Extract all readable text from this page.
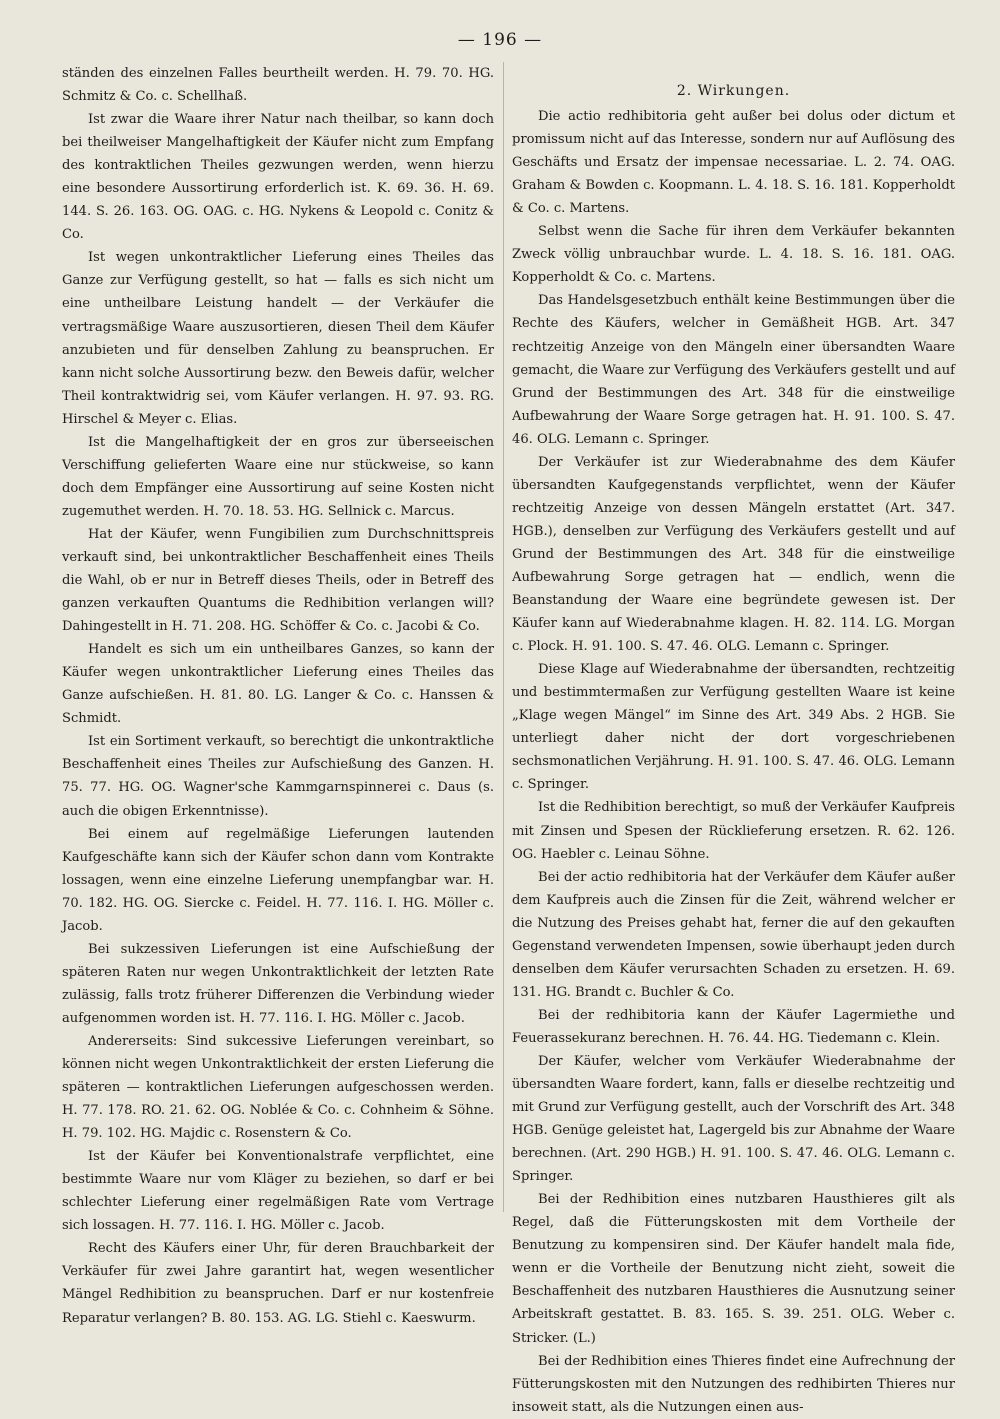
— 196 —

ständen des einzelnen Falles beurtheilt werden. H. 79. 70. HG. Schmitz & Co. c. Schellhaß.

Ist zwar die Waare ihrer Natur nach theilbar, so kann doch bei theilweiser Mangelhaftigkeit der Käufer nicht zum Empfang des kontraktlichen Theiles gezwungen werden, wenn hierzu eine besondere Aussortirung erforderlich ist. K. 69. 36. H. 69. 144. S. 26. 163. OG. OAG. c. HG. Nykens & Leopold c. Conitz & Co.

Ist wegen unkontraktlicher Lieferung eines Theiles das Ganze zur Verfügung gestellt, so hat — falls es sich nicht um eine untheilbare Leistung handelt — der Verkäufer die vertragsmäßige Waare auszusortieren, diesen Theil dem Käufer anzubieten und für denselben Zahlung zu beanspruchen. Er kann nicht solche Aussortirung bezw. den Beweis dafür, welcher Theil kontraktwidrig sei, vom Käufer verlangen. H. 97. 93. RG. Hirschel & Meyer c. Elias.

Ist die Mangelhaftigkeit der en gros zur überseeischen Verschiffung gelieferten Waare eine nur stückweise, so kann doch dem Empfänger eine Aussortirung auf seine Kosten nicht zugemuthet werden. H. 70. 18. 53. HG. Sellnick c. Marcus.

Hat der Käufer, wenn Fungibilien zum Durchschnittspreis verkauft sind, bei unkontraktlicher Beschaffenheit eines Theils die Wahl, ob er nur in Betreff dieses Theils, oder in Betreff des ganzen verkauften Quantums die Redhibition verlangen will? Dahingestellt in H. 71. 208. HG. Schöffer & Co. c. Jacobi & Co.

Handelt es sich um ein untheilbares Ganzes, so kann der Käufer wegen unkontraktlicher Lieferung eines Theiles das Ganze aufschießen. H. 81. 80. LG. Langer & Co. c. Hanssen & Schmidt.

Ist ein Sortiment verkauft, so berechtigt die unkontraktliche Beschaffenheit eines Theiles zur Aufschießung des Ganzen. H. 75. 77. HG. OG. Wagner'sche Kammgarnspinnerei c. Daus (s. auch die obigen Erkenntnisse).

Bei einem auf regelmäßige Lieferungen lautenden Kaufgeschäfte kann sich der Käufer schon dann vom Kontrakte lossagen, wenn eine einzelne Lieferung unempfangbar war. H. 70. 182. HG. OG. Siercke c. Feidel. H. 77. 116. I. HG. Möller c. Jacob.

Bei sukzessiven Lieferungen ist eine Aufschießung der späteren Raten nur wegen Unkontraktlichkeit der letzten Rate zulässig, falls trotz früherer Differenzen die Verbindung wieder aufgenommen worden ist. H. 77. 116. I. HG. Möller c. Jacob.

Andererseits: Sind sukcessive Lieferungen vereinbart, so können nicht wegen Unkontraktlichkeit der ersten Lieferung die späteren — kontraktlichen Lieferungen aufgeschossen werden. H. 77. 178. RO. 21. 62. OG. Noblée & Co. c. Cohnheim & Söhne. H. 79. 102. HG. Majdic c. Rosenstern & Co.

Ist der Käufer bei Konventionalstrafe verpflichtet, eine bestimmte Waare nur vom Kläger zu beziehen, so darf er bei schlechter Lieferung einer regelmäßigen Rate vom Vertrage sich lossagen. H. 77. 116. I. HG. Möller c. Jacob.

Recht des Käufers einer Uhr, für deren Brauchbarkeit der Verkäufer für zwei Jahre garantirt hat, wegen wesentlicher Mängel Redhibition zu beanspruchen. Darf er nur kostenfreie Reparatur verlangen? B. 80. 153. AG. LG. Stiehl c. Kaeswurm.

2. Wirkungen.

Die actio redhibitoria geht außer bei dolus oder dictum et promissum nicht auf das Interesse, sondern nur auf Auflösung des Geschäfts und Ersatz der impensae necessariae. L. 2. 74. OAG. Graham & Bowden c. Koopmann. L. 4. 18. S. 16. 181. Kopperholdt & Co. c. Martens.

Selbst wenn die Sache für ihren dem Verkäufer bekannten Zweck völlig unbrauchbar wurde. L. 4. 18. S. 16. 181. OAG. Kopperholdt & Co. c. Martens.

Das Handelsgesetzbuch enthält keine Bestimmungen über die Rechte des Käufers, welcher in Gemäßheit HGB. Art. 347 rechtzeitig Anzeige von den Mängeln einer übersandten Waare gemacht, die Waare zur Verfügung des Verkäufers gestellt und auf Grund der Bestimmungen des Art. 348 für die einstweilige Aufbewahrung der Waare Sorge getragen hat. H. 91. 100. S. 47. 46. OLG. Lemann c. Springer.

Der Verkäufer ist zur Wiederabnahme des dem Käufer übersandten Kaufgegenstands verpflichtet, wenn der Käufer rechtzeitig Anzeige von dessen Mängeln erstattet (Art. 347. HGB.), denselben zur Verfügung des Verkäufers gestellt und auf Grund der Bestimmungen des Art. 348 für die einstweilige Aufbewahrung Sorge getragen hat — endlich, wenn die Beanstandung der Waare eine begründete gewesen ist. Der Käufer kann auf Wiederabnahme klagen. H. 82. 114. LG. Morgan c. Plock. H. 91. 100. S. 47. 46. OLG. Lemann c. Springer.

Diese Klage auf Wiederabnahme der übersandten, rechtzeitig und bestimmtermaßen zur Verfügung gestellten Waare ist keine „Klage wegen Mängel“ im Sinne des Art. 349 Abs. 2 HGB. Sie unterliegt daher nicht der dort vorgeschriebenen sechsmonatlichen Verjährung. H. 91. 100. S. 47. 46. OLG. Lemann c. Springer.

Ist die Redhibition berechtigt, so muß der Verkäufer Kaufpreis mit Zinsen und Spesen der Rücklieferung ersetzen. R. 62. 126. OG. Haebler c. Leinau Söhne.

Bei der actio redhibitoria hat der Verkäufer dem Käufer außer dem Kaufpreis auch die Zinsen für die Zeit, während welcher er die Nutzung des Preises gehabt hat, ferner die auf den gekauften Gegenstand verwendeten Impensen, sowie überhaupt jeden durch denselben dem Käufer verursachten Schaden zu ersetzen. H. 69. 131. HG. Brandt c. Buchler & Co.

Bei der redhibitoria kann der Käufer Lagermiethe und Feuerassekuranz berechnen. H. 76. 44. HG. Tiedemann c. Klein.

Der Käufer, welcher vom Verkäufer Wiederabnahme der übersandten Waare fordert, kann, falls er dieselbe rechtzeitig und mit Grund zur Verfügung gestellt, auch der Vorschrift des Art. 348 HGB. Genüge geleistet hat, Lagergeld bis zur Abnahme der Waare berechnen. (Art. 290 HGB.) H. 91. 100. S. 47. 46. OLG. Lemann c. Springer.

Bei der Redhibition eines nutzbaren Hausthieres gilt als Regel, daß die Fütterungskosten mit dem Vortheile der Benutzung zu kompensiren sind. Der Käufer handelt mala fide, wenn er die Vortheile der Benutzung nicht zieht, soweit die Beschaffenheit des nutzbaren Hausthieres die Ausnutzung seiner Arbeitskraft gestattet. B. 83. 165. S. 39. 251. OLG. Weber c. Stricker. (L.)

Bei der Redhibition eines Thieres findet eine Aufrechnung der Fütterungskosten mit den Nutzungen des redhibirten Thieres nur insoweit statt, als die Nutzungen einen aus-
